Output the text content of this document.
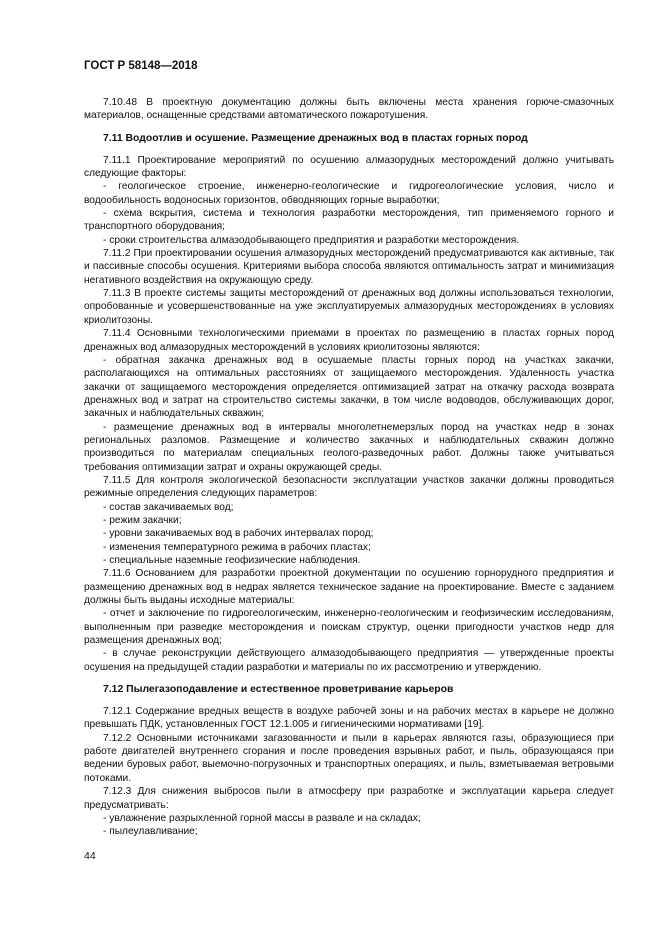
ГОСТ Р 58148—2018

7.10.48 В проектную документацию должны быть включены места хранения горюче-смазочных материалов, оснащенные средствами автоматического пожаротушения.

7.11 Водоотлив и осушение. Размещение дренажных вод в пластах горных пород

7.11.1 Проектирование мероприятий по осушению алмазорудных месторождений должно учитывать следующие факторы:

- геологическое строение, инженерно-геологические и гидрогеологические условия, число и водообильность водоносных горизонтов, обводняющих горные выработки;

- схема вскрытия, система и технология разработки месторождения, тип применяемого горного и транспортного оборудования;

- сроки строительства алмазодобывающего предприятия и разработки месторождения.

7.11.2 При проектировании осушения алмазорудных месторождений предусматриваются как активные, так и пассивные способы осушения. Критериями выбора способа являются оптимальность затрат и минимизация негативного воздействия на окружающую среду.

7.11.3 В проекте системы защиты месторождений от дренажных вод должны использоваться технологии, опробованные и усовершенствованные на уже эксплуатируемых алмазорудных месторождениях в условиях криолитозоны.

7.11.4 Основными технологическими приемами в проектах по размещению в пластах горных пород дренажных вод алмазорудных месторождений в условиях криолитозоны являются:

- обратная закачка дренажных вод в осушаемые пласты горных пород на участках закачки, располагающихся на оптимальных расстояниях от защищаемого месторождения. Удаленность участка закачки от защищаемого месторождения определяется оптимизацией затрат на откачку расхода возврата дренажных вод и затрат на строительство системы закачки, в том числе водоводов, обслуживающих дорог, закачных и наблюдательных скважин;

- размещение дренажных вод в интервалы многолетнемерзлых пород на участках недр в зонах региональных разломов. Размещение и количество закачных и наблюдательных скважин должно производиться по материалам специальных геолого-разведочных работ. Должны также учитываться требования оптимизации затрат и охраны окружающей среды.

7.11.5 Для контроля экологической безопасности эксплуатации участков закачки должны проводиться режимные определения следующих параметров:

- состав закачиваемых вод;

- режим закачки;

- уровни закачиваемых вод в рабочих интервалах пород;

- изменения температурного режима в рабочих пластах;

- специальные наземные геофизические наблюдения.

7.11.6 Основанием для разработки проектной документации по осушению горнорудного предприятия и размещению дренажных вод в недрах является техническое задание на проектирование. Вместе с заданием должны быть выданы исходные материалы:

- отчет и заключение по гидрогеологическим, инженерно-геологическим и геофизическим исследованиям, выполненным при разведке месторождения и поискам структур, оценки пригодности участков недр для размещения дренажных вод;

- в случае реконструкции действующего алмазодобывающего предприятия — утвержденные проекты осушения на предыдущей стадии разработки и материалы по их рассмотрению и утверждению.

7.12 Пылегазоподавление и естественное проветривание карьеров

7.12.1 Содержание вредных веществ в воздухе рабочей зоны и на рабочих местах в карьере не должно превышать ПДК, установленных ГОСТ 12.1.005 и гигиеническими нормативами [19].

7.12.2 Основными источниками загазованности и пыли в карьерах являются газы, образующиеся при работе двигателей внутреннего сгорания и после проведения взрывных работ, и пыль, образующаяся при ведении буровых работ, выемочно-погрузочных и транспортных операциях, и пыль, взметываемая ветровыми потоками.

7.12.3 Для снижения выбросов пыли в атмосферу при разработке и эксплуатации карьера следует предусматривать:

- увлажнение разрыхленной горной массы в развале и на складах;

- пылеулавливание;

44
